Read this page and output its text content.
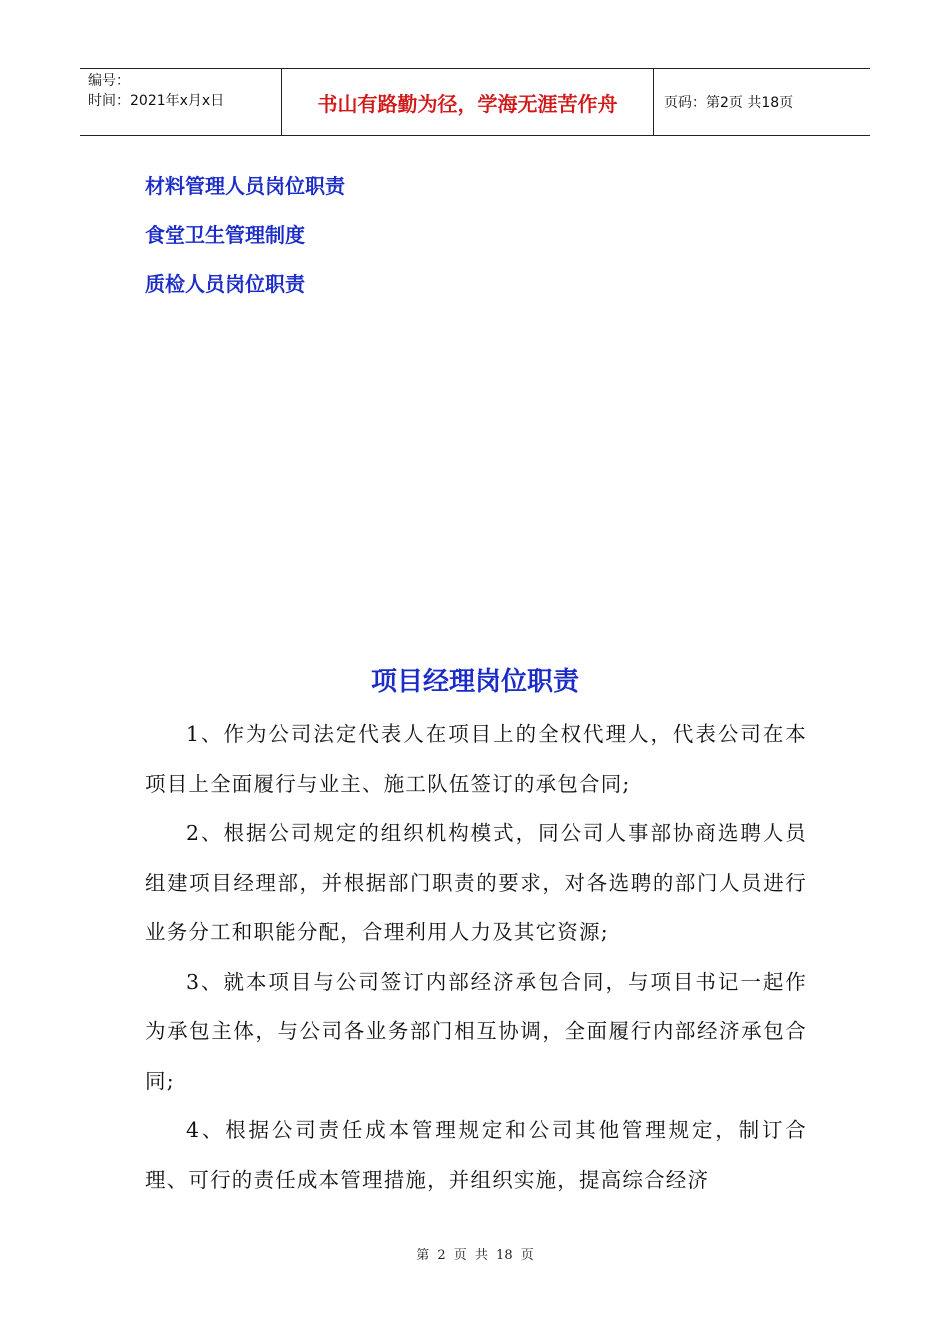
编号：
时间：2021年x月x日	书山有路勤为径，学海无涯苦作舟	页码：第2页 共18页
材料管理人员岗位职责
食堂卫生管理制度
质检人员岗位职责
项目经理岗位职责

1、作为公司法定代表人在项目上的全权代理人，代表公司在本项目上全面履行与业主、施工队伍签订的承包合同;

2、根据公司规定的组织机构模式，同公司人事部协商选聘人员组建项目经理部，并根据部门职责的要求，对各选聘的部门人员进行业务分工和职能分配，合理利用人力及其它资源;

3、就本项目与公司签订内部经济承包合同，与项目书记一起作为承包主体，与公司各业务部门相互协调，全面履行内部经济承包合同;

4、根据公司责任成本管理规定和公司其他管理规定，制订合理、可行的责任成本管理措施，并组织实施，提高综合经济

第 2 页 共 18 页
